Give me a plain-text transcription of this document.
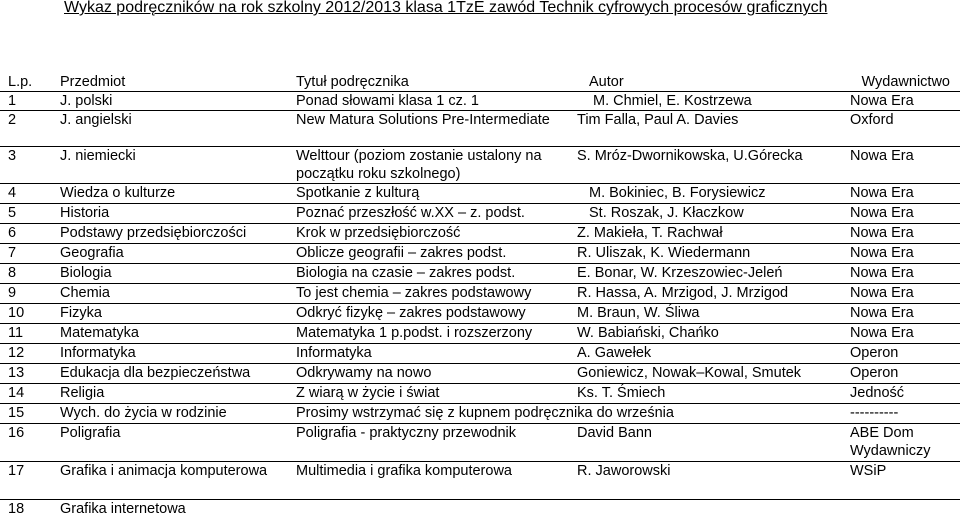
Wykaz podręczników na rok szkolny 2012/2013 klasa 1TzE zawód Technik cyfrowych procesów graficznych
L.p.	Przedmiot	Tytuł podręcznika	Autor	Wydawnictwo
1	J. polski	Ponad słowami klasa 1 cz. 1	M. Chmiel, E. Kostrzewa	Nowa Era
2	J. angielski	New Matura Solutions Pre-Intermediate	Tim Falla, Paul A. Davies	Oxford
3	J. niemiecki	Welttour (poziom zostanie ustalony na początku roku szkolnego)	S. Mróz-Dwornikowska, U.Górecka	Nowa Era
4	Wiedza o kulturze	Spotkanie z kulturą	M. Bokiniec, B. Forysiewicz	Nowa Era
5	Historia	Poznać przeszłość w.XX – z. podst.	St. Roszak, J. Kłaczkow	Nowa Era
6	Podstawy przedsiębiorczości	Krok w przedsiębiorczość	Z. Makieła, T. Rachwał	Nowa Era
7	Geografia	Oblicze geografii – zakres podst.	R. Uliszak, K. Wiedermann	Nowa Era
8	Biologia	Biologia na czasie – zakres podst.	E. Bonar, W. Krzeszowiec-Jeleń	Nowa Era
9	Chemia	To jest chemia – zakres podstawowy	R. Hassa, A. Mrzigod, J. Mrzigod	Nowa Era
10	Fizyka	Odkryć fizykę – zakres podstawowy	M. Braun, W. Śliwa	Nowa Era
11	Matematyka	Matematyka 1 p.podst. i rozszerzony	W. Babiański, Chańko	Nowa Era
12	Informatyka	Informatyka	A. Gawełek	Operon
13	Edukacja dla bezpieczeństwa	Odkrywamy na nowo	Goniewicz, Nowak–Kowal, Smutek	Operon
14	Religia	Z wiarą w życie i świat	Ks. T. Śmiech	Jedność
15	Wych. do życia w rodzinie	Prosimy wstrzymać się z kupnem podręcznika do września		----------
16	Poligrafia	Poligrafia - praktyczny przewodnik	David Bann	ABE Dom Wydawniczy
17	Grafika i animacja komputerowa	Multimedia i grafika komputerowa	R. Jaworowski	WSiP
18	Grafika internetowa			
